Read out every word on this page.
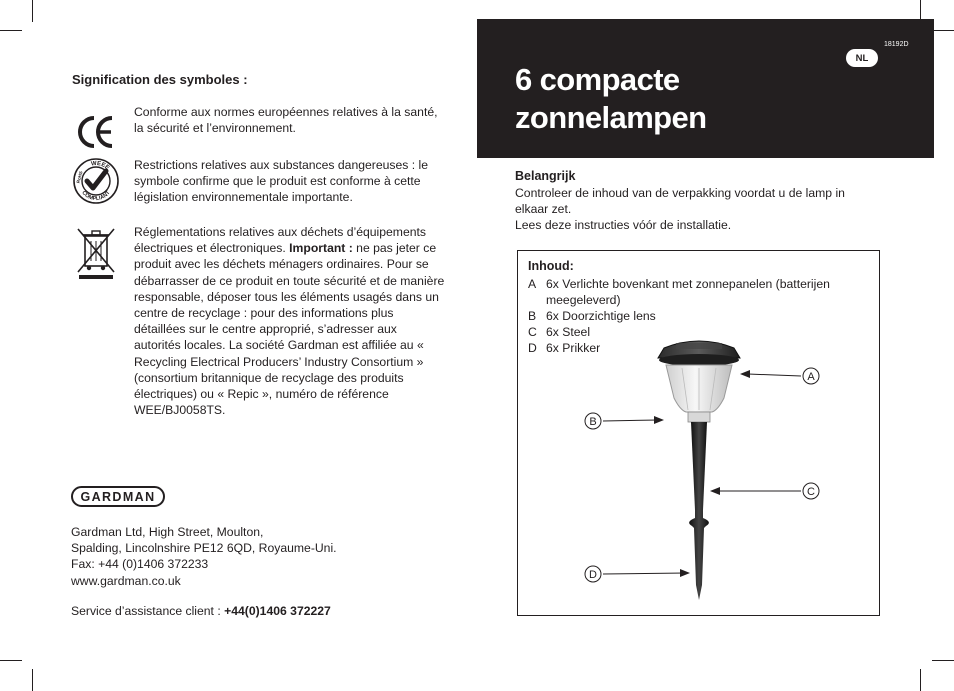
Signification des symboles :
Conforme aux normes européennes relatives à la santé, la sécurité et l’environnement.
WEEE
COMPLIANT
RoHS
Restrictions relatives aux substances dangereuses : le symbole confirme que le produit est conforme à cette législation environnementale importante.
Réglementations relatives aux déchets d’équipements électriques et électroniques. Important : ne pas jeter ce produit avec les déchets ménagers ordinaires. Pour se débarrasser de ce produit en toute sécurité et de manière responsable, déposer tous les éléments usagés dans un centre de recyclage : pour des informations plus détaillées sur le centre approprié, s’adresser aux autorités locales. La société Gardman est affiliée au « Recycling Electrical Producers’ Industry Consortium » (consortium britannique de recyclage des produits électriques) ou « Repic », numéro de référence WEE/BJ0058TS.
GARDMAN
Gardman Ltd, High Street, Moulton,
Spalding, Lincolnshire PE12 6QD, Royaume-Uni.
Fax: +44 (0)1406 372233
www.gardman.co.uk
Service d’assistance client : +44(0)1406 372227
18192D
NL
6 compacte
zonnelampen
Belangrijk
Controleer de inhoud van de verpakking voordat u de lamp in elkaar zet.
Lees deze instructies vóór de installatie.
Inhoud:
A 6x Verlichte bovenkant met zonnepanelen (batterijen meegeleverd)
B 6x Doorzichtige lens
C 6x Steel
D 6x Prikker
A
B
C
D
